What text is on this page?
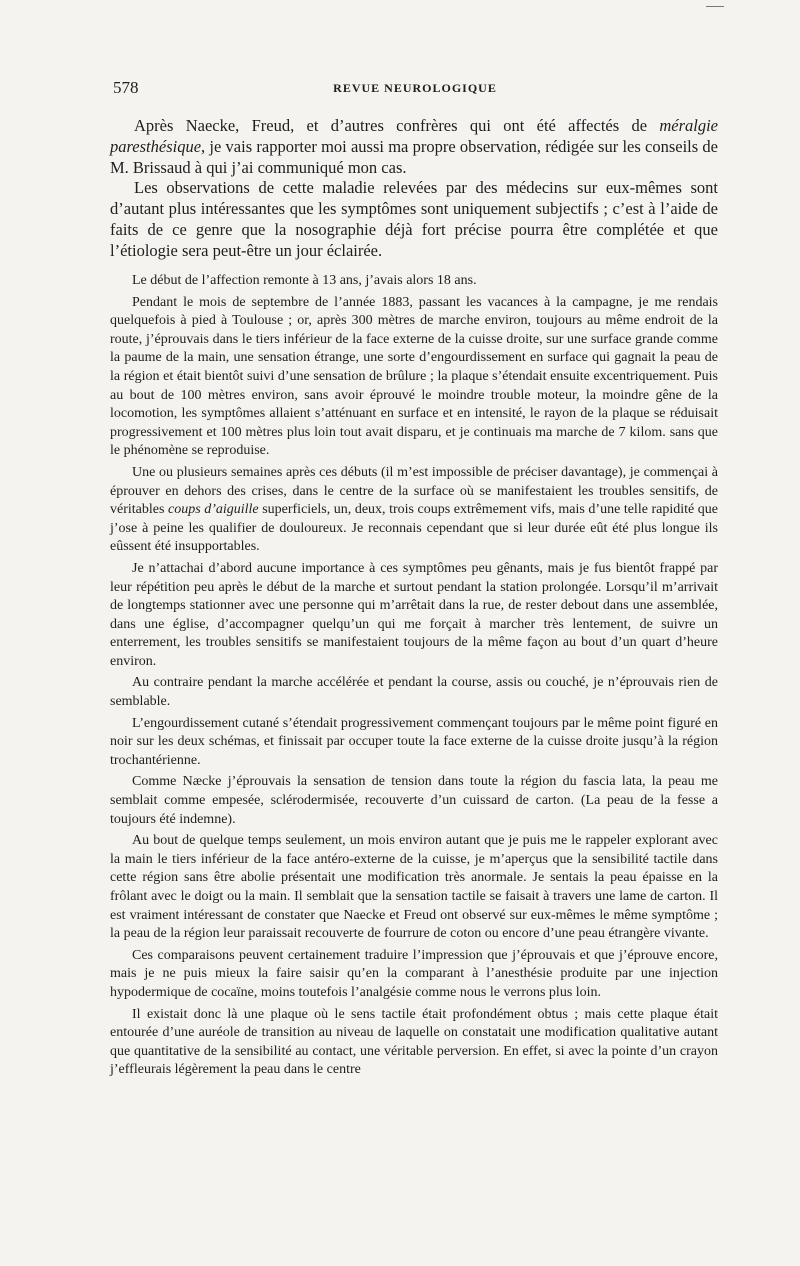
578	REVUE NEUROLOGIQUE

Après Naecke, Freud, et d’autres confrères qui ont été affectés de méralgie paresthésique, je vais rapporter moi aussi ma propre observation, rédigée sur les conseils de M. Brissaud à qui j’ai communiqué mon cas.

Les observations de cette maladie relevées par des médecins sur eux-mêmes sont d’autant plus intéressantes que les symptômes sont uniquement subjectifs ; c’est à l’aide de faits de ce genre que la nosographie déjà fort précise pourra être complétée et que l’étiologie sera peut-être un jour éclairée.

Le début de l’affection remonte à 13 ans, j’avais alors 18 ans.

Pendant le mois de septembre de l’année 1883, passant les vacances à la campagne, je me rendais quelquefois à pied à Toulouse ; or, après 300 mètres de marche environ, toujours au même endroit de la route, j’éprouvais dans le tiers inférieur de la face externe de la cuisse droite, sur une surface grande comme la paume de la main, une sensation étrange, une sorte d’engourdissement en surface qui gagnait la peau de la région et était bientôt suivi d’une sensation de brûlure ; la plaque s’étendait ensuite excentriquement. Puis au bout de 100 mètres environ, sans avoir éprouvé le moindre trouble moteur, la moindre gêne de la locomotion, les symptômes allaient s’atténuant en surface et en intensité, le rayon de la plaque se réduisait progressivement et 100 mètres plus loin tout avait disparu, et je continuais ma marche de 7 kilom. sans que le phénomène se reproduise.

Une ou plusieurs semaines après ces débuts (il m’est impossible de préciser davantage), je commençai à éprouver en dehors des crises, dans le centre de la surface où se manifestaient les troubles sensitifs, de véritables coups d’aiguille superficiels, un, deux, trois coups extrêmement vifs, mais d’une telle rapidité que j’ose à peine les qualifier de douloureux. Je reconnais cependant que si leur durée eût été plus longue ils eûssent été insupportables.

Je n’attachai d’abord aucune importance à ces symptômes peu gênants, mais je fus bientôt frappé par leur répétition peu après le début de la marche et surtout pendant la station prolongée. Lorsqu’il m’arrivait de longtemps stationner avec une personne qui m’arrêtait dans la rue, de rester debout dans une assemblée, dans une église, d’accompagner quelqu’un qui me forçait à marcher très lentement, de suivre un enterrement, les troubles sensitifs se manifestaient toujours de la même façon au bout d’un quart d’heure environ.

Au contraire pendant la marche accélérée et pendant la course, assis ou couché, je n’éprouvais rien de semblable.

L’engourdissement cutané s’étendait progressivement commençant toujours par le même point figuré en noir sur les deux schémas, et finissait par occuper toute la face externe de la cuisse droite jusqu’à la région trochantérienne.

Comme Næcke j’éprouvais la sensation de tension dans toute la région du fascia lata, la peau me semblait comme empesée, sclérodermisée, recouverte d’un cuissard de carton. (La peau de la fesse a toujours été indemne).

Au bout de quelque temps seulement, un mois environ autant que je puis me le rappeler explorant avec la main le tiers inférieur de la face antéro-externe de la cuisse, je m’aperçus que la sensibilité tactile dans cette région sans être abolie présentait une modification très anormale. Je sentais la peau épaisse en la frôlant avec le doigt ou la main. Il semblait que la sensation tactile se faisait à travers une lame de carton. Il est vraiment intéressant de constater que Naecke et Freud ont observé sur eux-mêmes le même symptôme ; la peau de la région leur paraissait recouverte de fourrure de coton ou encore d’une peau étrangère vivante.

Ces comparaisons peuvent certainement traduire l’impression que j’éprouvais et que j’éprouve encore, mais je ne puis mieux la faire saisir qu’en la comparant à l’anesthésie produite par une injection hypodermique de cocaïne, moins toutefois l’analgésie comme nous le verrons plus loin.

Il existait donc là une plaque où le sens tactile était profondément obtus ; mais cette plaque était entourée d’une auréole de transition au niveau de laquelle on constatait une modification qualitative autant que quantitative de la sensibilité au contact, une véritable perversion. En effet, si avec la pointe d’un crayon j’effleurais légèrement la peau dans le centre
